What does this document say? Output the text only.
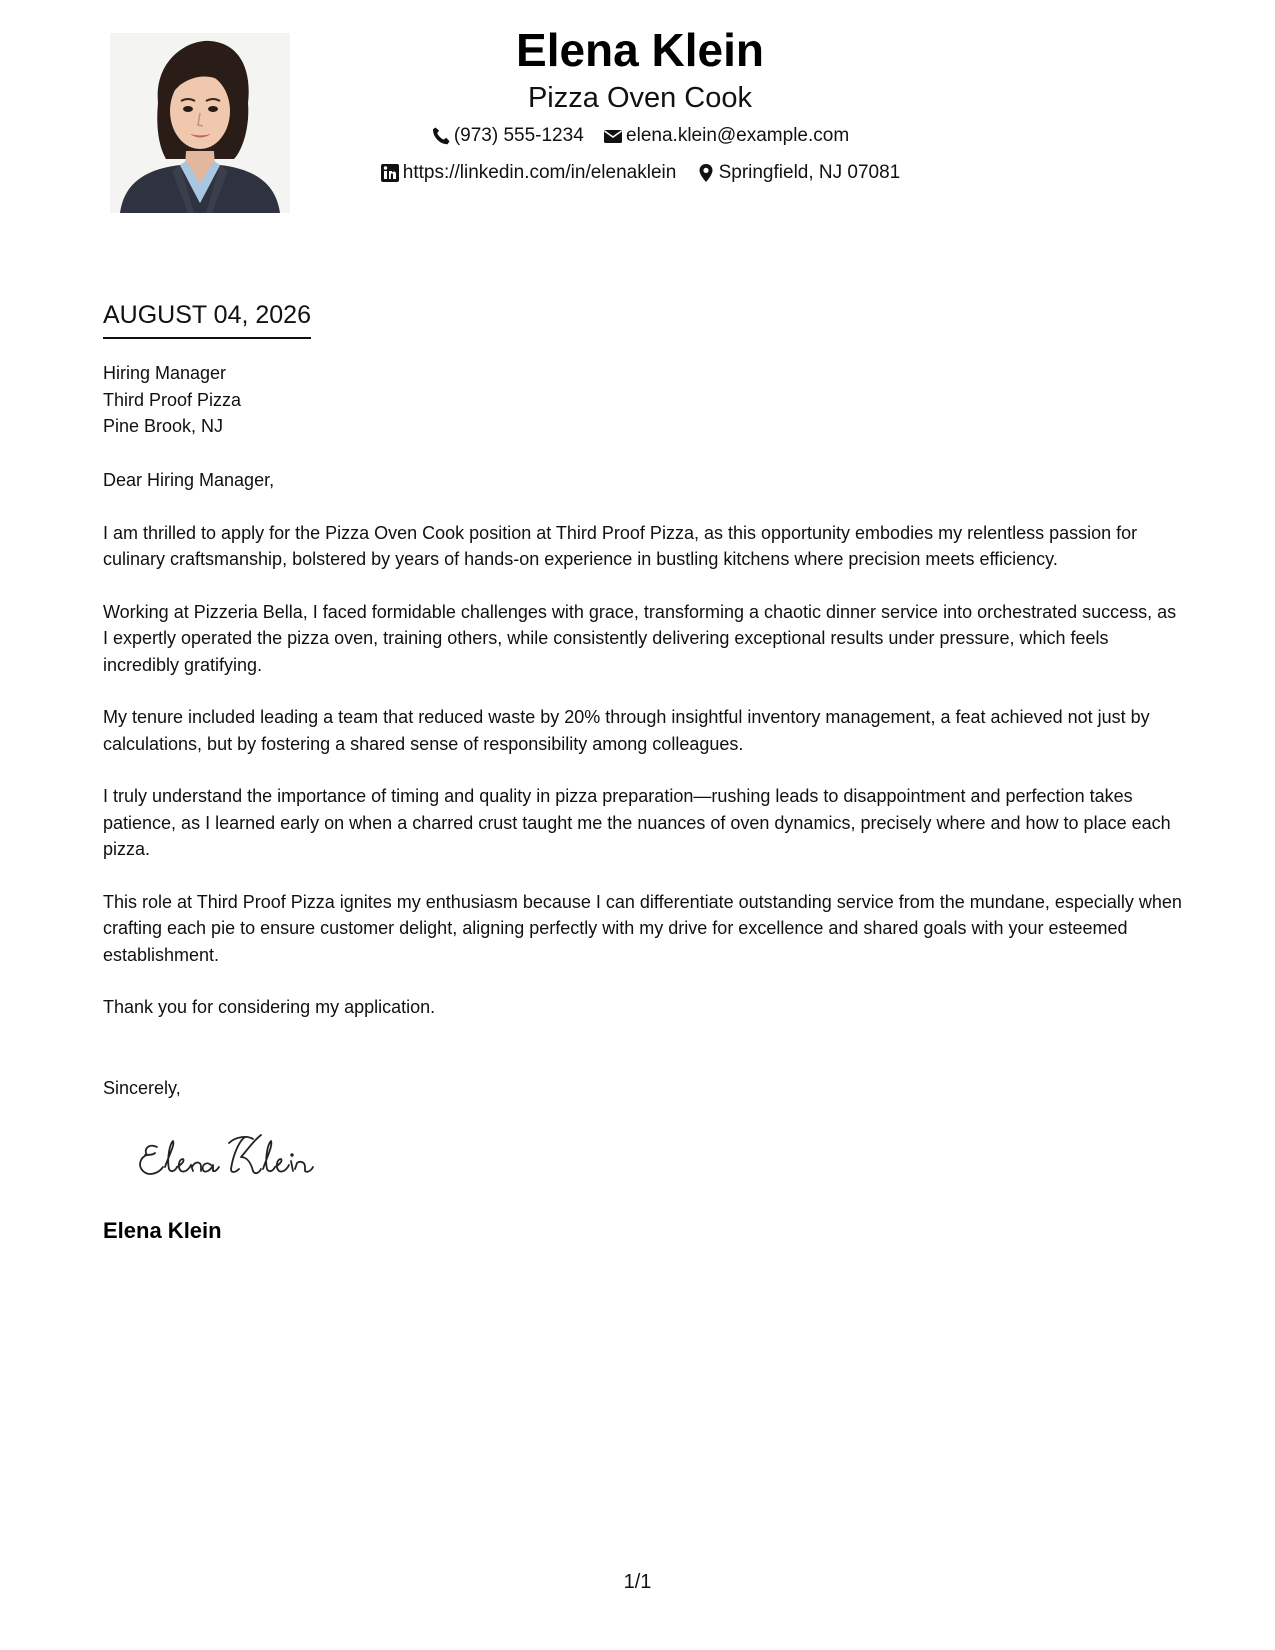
Elena Klein
Pizza Oven Cook
(973) 555-1234
elena.klein@example.com
https://linkedin.com/in/elenaklein
Springfield, NJ 07081
AUGUST 04, 2026
Hiring Manager
Third Proof Pizza
Pine Brook, NJ

Dear Hiring Manager,

I am thrilled to apply for the Pizza Oven Cook position at Third Proof Pizza, as this opportunity embodies my relentless passion for culinary craftsmanship, bolstered by years of hands-on experience in bustling kitchens where precision meets efficiency.

Working at Pizzeria Bella, I faced formidable challenges with grace, transforming a chaotic dinner service into orchestrated success, as I expertly operated the pizza oven, training others, while consistently delivering exceptional results under pressure, which feels incredibly gratifying.

My tenure included leading a team that reduced waste by 20% through insightful inventory management, a feat achieved not just by calculations, but by fostering a shared sense of responsibility among colleagues.

I truly understand the importance of timing and quality in pizza preparation—rushing leads to disappointment and perfection takes patience, as I learned early on when a charred crust taught me the nuances of oven dynamics, precisely where and how to place each pizza.

This role at Third Proof Pizza ignites my enthusiasm because I can differentiate outstanding service from the mundane, especially when crafting each pie to ensure customer delight, aligning perfectly with my drive for excellence and shared goals with your esteemed establishment.

Thank you for considering my application.

Sincerely,
Elena Klein
1/1
